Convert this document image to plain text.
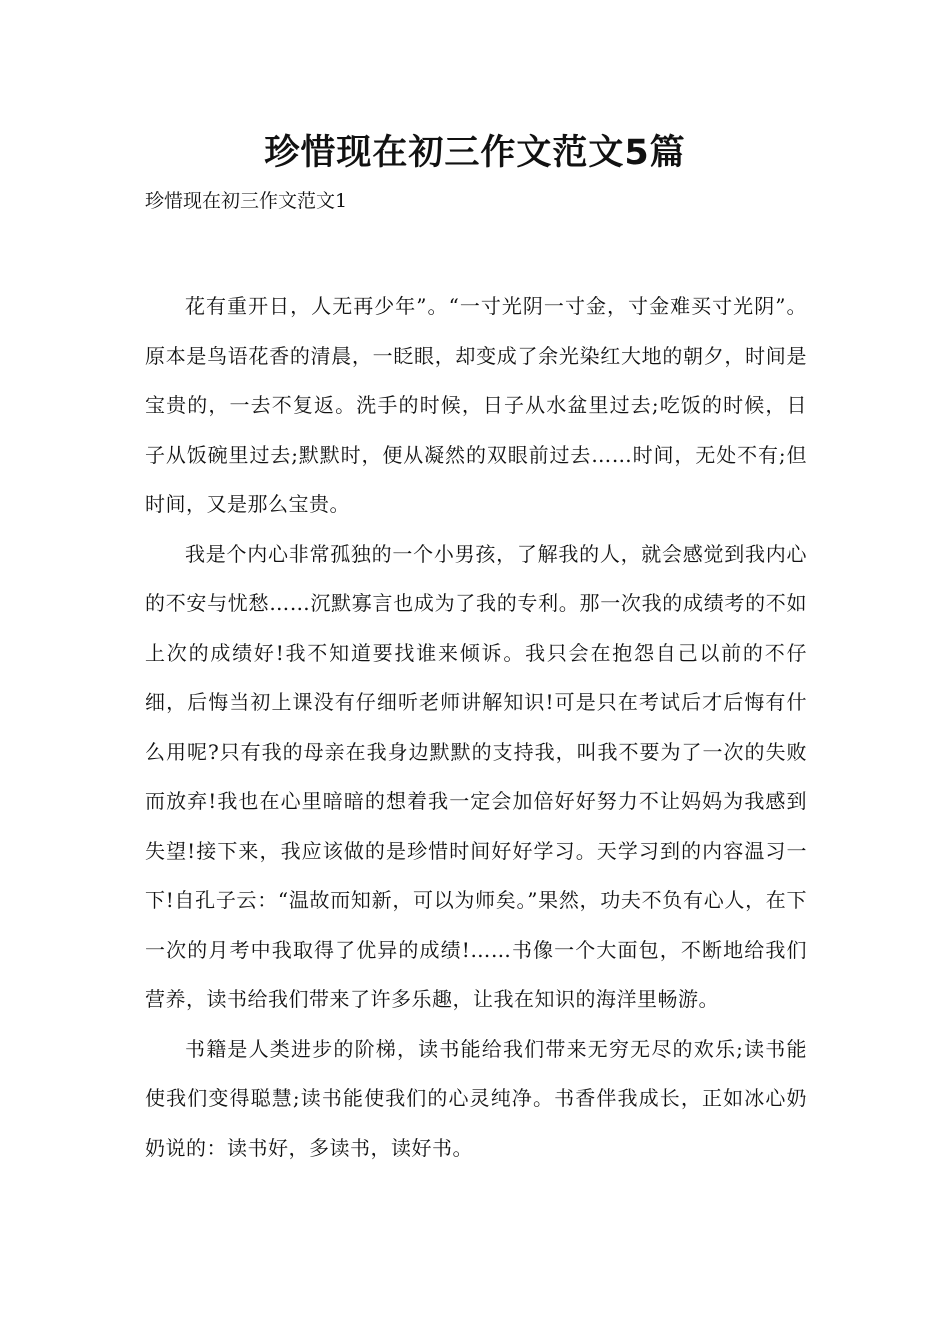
珍惜现在初三作文范文5篇

珍惜现在初三作文范文1

花有重开日，人无再少年”。“一寸光阴一寸金，寸金难买寸光阴”。原本是鸟语花香的清晨，一眨眼，却变成了余光染红大地的朝夕，时间是宝贵的，一去不复返。洗手的时候，日子从水盆里过去;吃饭的时候，日子从饭碗里过去;默默时，便从凝然的双眼前过去……时间，无处不有;但时间，又是那么宝贵。

我是个内心非常孤独的一个小男孩，了解我的人，就会感觉到我内心的不安与忧愁……沉默寡言也成为了我的专利。那一次我的成绩考的不如上次的成绩好!我不知道要找谁来倾诉。我只会在抱怨自己以前的不仔细，后悔当初上课没有仔细听老师讲解知识!可是只在考试后才后悔有什么用呢?只有我的母亲在我身边默默的支持我，叫我不要为了一次的失败而放弃!我也在心里暗暗的想着我一定会加倍好好努力不让妈妈为我感到失望!接下来，我应该做的是珍惜时间好好学习。天学习到的内容温习一下!自孔子云：“温故而知新，可以为师矣。”果然，功夫不负有心人，在下一次的月考中我取得了优异的成绩!……书像一个大面包，不断地给我们营养，读书给我们带来了许多乐趣，让我在知识的海洋里畅游。

书籍是人类进步的阶梯，读书能给我们带来无穷无尽的欢乐;读书能使我们变得聪慧;读书能使我们的心灵纯净。书香伴我成长，正如冰心奶奶说的：读书好，多读书，读好书。
